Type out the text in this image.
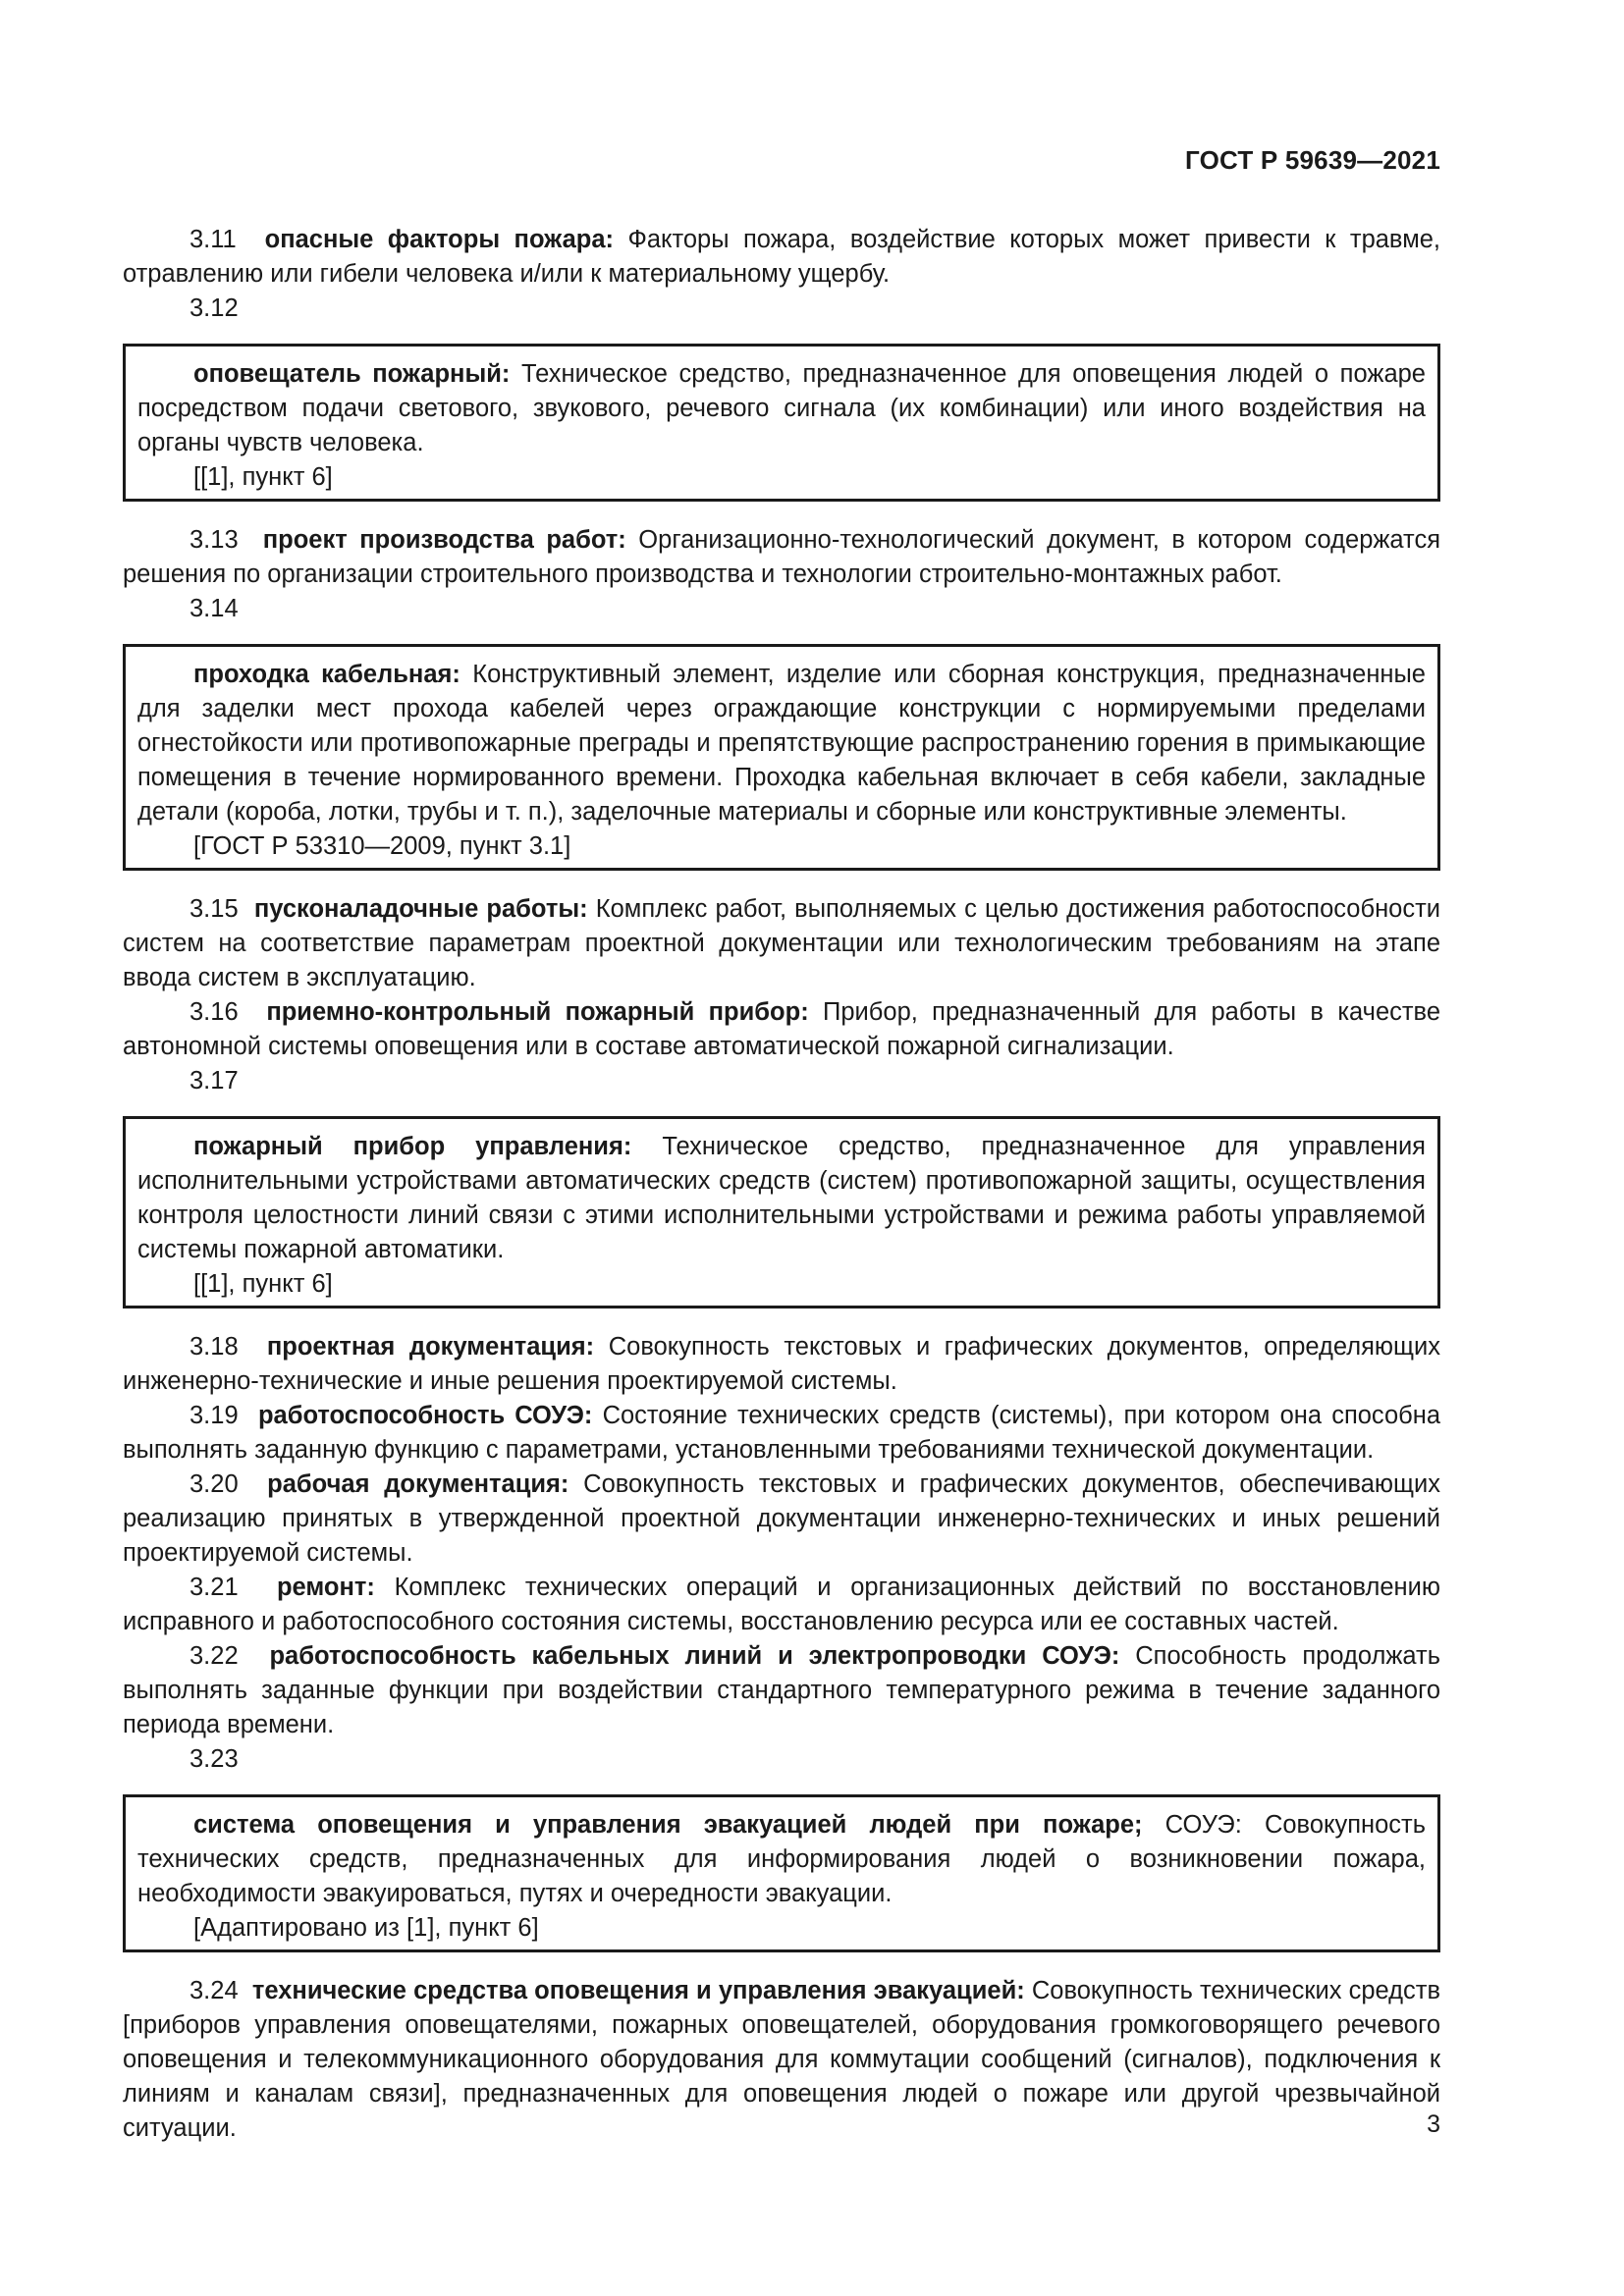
ГОСТ Р 59639—2021

3.11 опасные факторы пожара: Факторы пожара, воздействие которых может привести к травме, отравлению или гибели человека и/или к материальному ущербу.

3.12

оповещатель пожарный: Техническое средство, предназначенное для оповещения людей о пожаре посредством подачи светового, звукового, речевого сигнала (их комбинации) или иного воздействия на органы чувств человека.

[[1], пункт 6]

3.13 проект производства работ: Организационно-технологический документ, в котором содержатся решения по организации строительного производства и технологии строительно-монтажных работ.

3.14

проходка кабельная: Конструктивный элемент, изделие или сборная конструкция, предназначенные для заделки мест прохода кабелей через ограждающие конструкции с нормируемыми пределами огнестойкости или противопожарные преграды и препятствующие распространению горения в примыкающие помещения в течение нормированного времени. Проходка кабельная включает в себя кабели, закладные детали (короба, лотки, трубы и т. п.), заделочные материалы и сборные или конструктивные элементы.

[ГОСТ Р 53310—2009, пункт 3.1]

3.15 пусконаладочные работы: Комплекс работ, выполняемых с целью достижения работоспособности систем на соответствие параметрам проектной документации или технологическим требованиям на этапе ввода систем в эксплуатацию.

3.16 приемно-контрольный пожарный прибор: Прибор, предназначенный для работы в качестве автономной системы оповещения или в составе автоматической пожарной сигнализации.

3.17

пожарный прибор управления: Техническое средство, предназначенное для управления исполнительными устройствами автоматических средств (систем) противопожарной защиты, осуществления контроля целостности линий связи с этими исполнительными устройствами и режима работы управляемой системы пожарной автоматики.

[[1], пункт 6]

3.18 проектная документация: Совокупность текстовых и графических документов, определяющих инженерно-технические и иные решения проектируемой системы.

3.19 работоспособность СОУЭ: Состояние технических средств (системы), при котором она способна выполнять заданную функцию с параметрами, установленными требованиями технической документации.

3.20 рабочая документация: Совокупность текстовых и графических документов, обеспечивающих реализацию принятых в утвержденной проектной документации инженерно-технических и иных решений проектируемой системы.

3.21 ремонт: Комплекс технических операций и организационных действий по восстановлению исправного и работоспособного состояния системы, восстановлению ресурса или ее составных частей.

3.22 работоспособность кабельных линий и электропроводки СОУЭ: Способность продолжать выполнять заданные функции при воздействии стандартного температурного режима в течение заданного периода времени.

3.23

система оповещения и управления эвакуацией людей при пожаре; СОУЭ: Совокупность технических средств, предназначенных для информирования людей о возникновении пожара, необходимости эвакуироваться, путях и очередности эвакуации.

[Адаптировано из [1], пункт 6]

3.24 технические средства оповещения и управления эвакуацией: Совокупность технических средств [приборов управления оповещателями, пожарных оповещателей, оборудования громкоговорящего речевого оповещения и телекоммуникационного оборудования для коммутации сообщений (сигналов), подключения к линиям и каналам связи], предназначенных для оповещения людей о пожаре или другой чрезвычайной ситуации.	3
